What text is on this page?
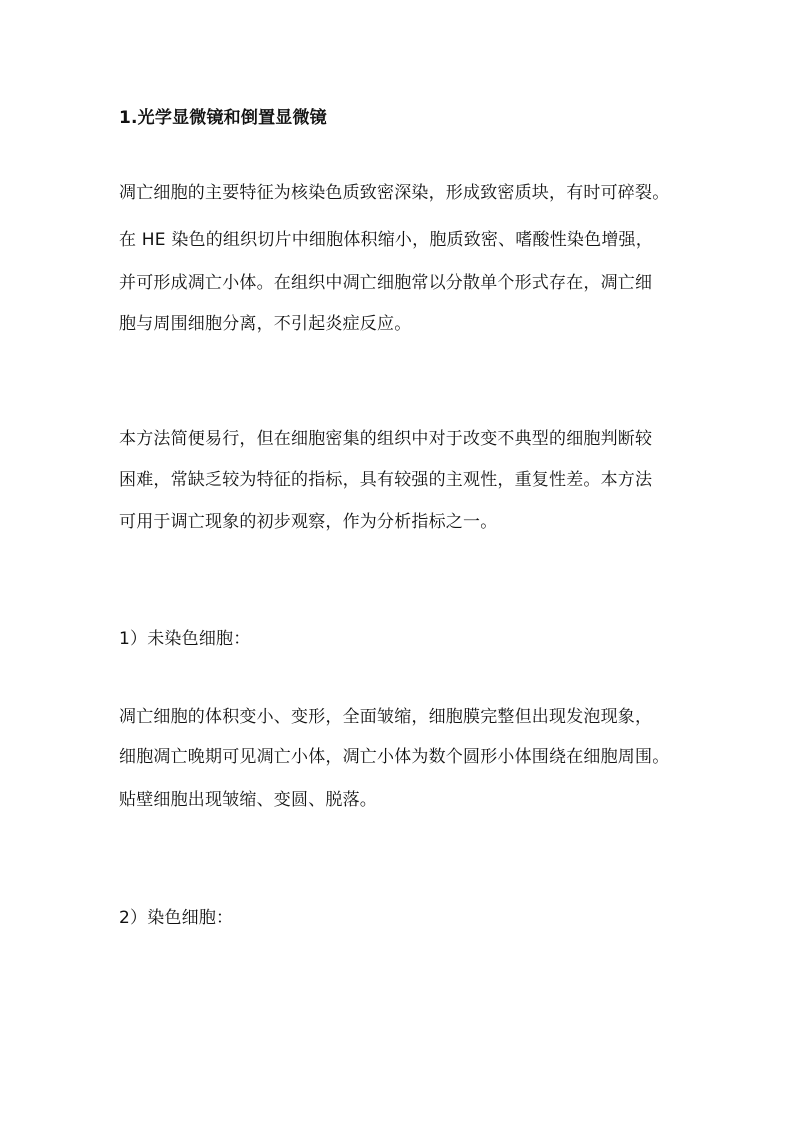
1.光学显微镜和倒置显微镜
凋亡细胞的主要特征为核染色质致密深染，形成致密质块，有时可碎裂。
在 HE 染色的组织切片中细胞体积缩小，胞质致密、嗜酸性染色增强，
并可形成凋亡小体。在组织中凋亡细胞常以分散单个形式存在，凋亡细
胞与周围细胞分离，不引起炎症反应。
本方法简便易行，但在细胞密集的组织中对于改变不典型的细胞判断较
困难，常缺乏较为特征的指标，具有较强的主观性，重复性差。本方法
可用于调亡现象的初步观察，作为分析指标之一。
1）未染色细胞：
凋亡细胞的体积变小、变形，全面皱缩，细胞膜完整但出现发泡现象，
细胞凋亡晚期可见凋亡小体，凋亡小体为数个圆形小体围绕在细胞周围。
贴壁细胞出现皱缩、变圆、脱落。
2）染色细胞：
